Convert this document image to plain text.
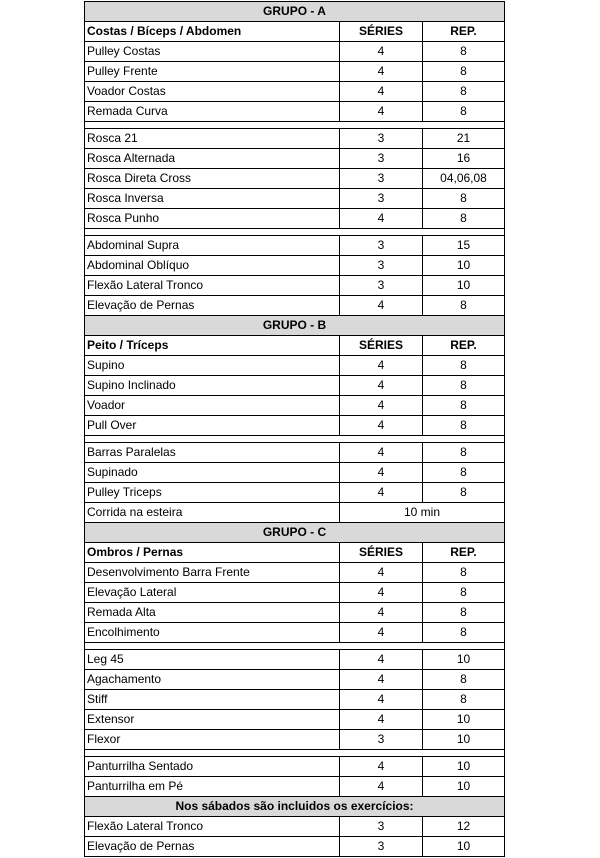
GRUPO - A
Costas / Bíceps / Abdomen	SÉRIES	REP.
Pulley Costas	4	8
Pulley Frente	4	8
Voador Costas	4	8
Remada Curva	4	8
Rosca 21	3	21
Rosca Alternada	3	16
Rosca Direta Cross	3	04,06,08
Rosca Inversa	3	8
Rosca Punho	4	8
Abdominal Supra	3	15
Abdominal Oblíquo	3	10
Flexão Lateral Tronco	3	10
Elevação de Pernas	4	8
GRUPO - B
Peito / Tríceps	SÉRIES	REP.
Supino	4	8
Supino Inclinado	4	8
Voador	4	8
Pull Over	4	8
Barras Paralelas	4	8
Supinado	4	8
Pulley Triceps	4	8
Corrida na esteira	10 min
GRUPO - C
Ombros / Pernas	SÉRIES	REP.
Desenvolvimento Barra Frente	4	8
Elevação Lateral	4	8
Remada Alta	4	8
Encolhimento	4	8
Leg 45	4	10
Agachamento	4	8
Stiff	4	8
Extensor	4	10
Flexor	3	10
Panturrilha Sentado	4	10
Panturrilha em Pé	4	10
Nos sábados são incluidos os exercícios:
Flexão Lateral Tronco	3	12
Elevação de Pernas	3	10
